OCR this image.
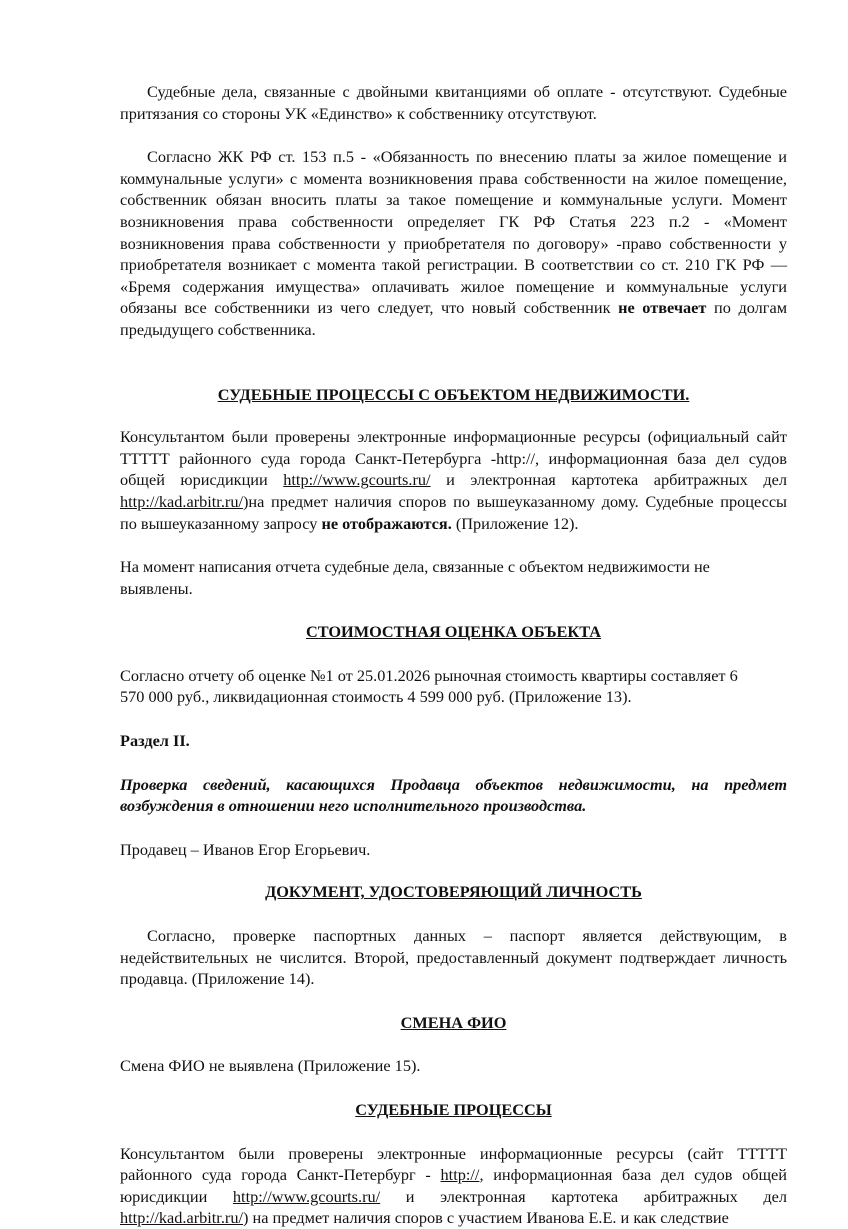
Судебные дела, связанные с двойными квитанциями об оплате - отсутствуют. Судебные притязания со стороны УК «Единство» к собственнику отсутствуют.

Согласно ЖК РФ ст. 153 п.5 - «Обязанность по внесению платы за жилое помещение и коммунальные услуги» с момента возникновения права собственности на жилое помещение, собственник обязан вносить платы за такое помещение и коммунальные услуги. Момент возникновения права собственности определяет ГК РФ Статья 223 п.2 - «Момент возникновения права собственности у приобретателя по договору» -право собственности у приобретателя возникает с момента такой регистрации. В соответствии со ст. 210 ГК РФ — «Бремя содержания имущества» оплачивать жилое помещение и коммунальные услуги обязаны все собственники из чего следует, что новый собственник не отвечает по долгам предыдущего собственника.

СУДЕБНЫЕ ПРОЦЕССЫ С ОБЪЕКТОМ НЕДВИЖИМОСТИ.

Консультантом были проверены электронные информационные ресурсы (официальный сайт ТТТТТ районного суда города Санкт-Петербурга -http://, информационная база дел судов общей юрисдикции http://www.gcourts.ru/ и электронная картотека арбитражных дел http://kad.arbitr.ru/)на предмет наличия споров по вышеуказанному дому. Судебные процессы по вышеуказанному запросу не отображаются. (Приложение 12).

На момент написания отчета судебные дела, связанные с объектом недвижимости не выявлены.

СТОИМОСТНАЯ ОЦЕНКА ОБЪЕКТА

Согласно отчету об оценке №1 от 25.01.2026 рыночная стоимость квартиры составляет 6 570 000 руб., ликвидационная стоимость 4 599 000 руб. (Приложение 13).

Раздел II.

Проверка сведений, касающихся Продавца объектов недвижимости, на предмет возбуждения в отношении него исполнительного производства.

Продавец – Иванов Егор Егорьевич.

ДОКУМЕНТ, УДОСТОВЕРЯЮЩИЙ ЛИЧНОСТЬ

Согласно, проверке паспортных данных – паспорт является действующим, в недействительных не числится. Второй, предоставленный документ подтверждает личность продавца. (Приложение 14).

СМЕНА ФИО

Смена ФИО не выявлена (Приложение 15).

СУДЕБНЫЕ ПРОЦЕССЫ

Консультантом были проверены электронные информационные ресурсы (сайт ТТТТТ районного суда города Санкт-Петербург - http://, информационная база дел судов общей юрисдикции http://www.gcourts.ru/ и электронная картотека арбитражных дел http://kad.arbitr.ru/) на предмет наличия споров с участием Иванова Е.Е. и как следствие
